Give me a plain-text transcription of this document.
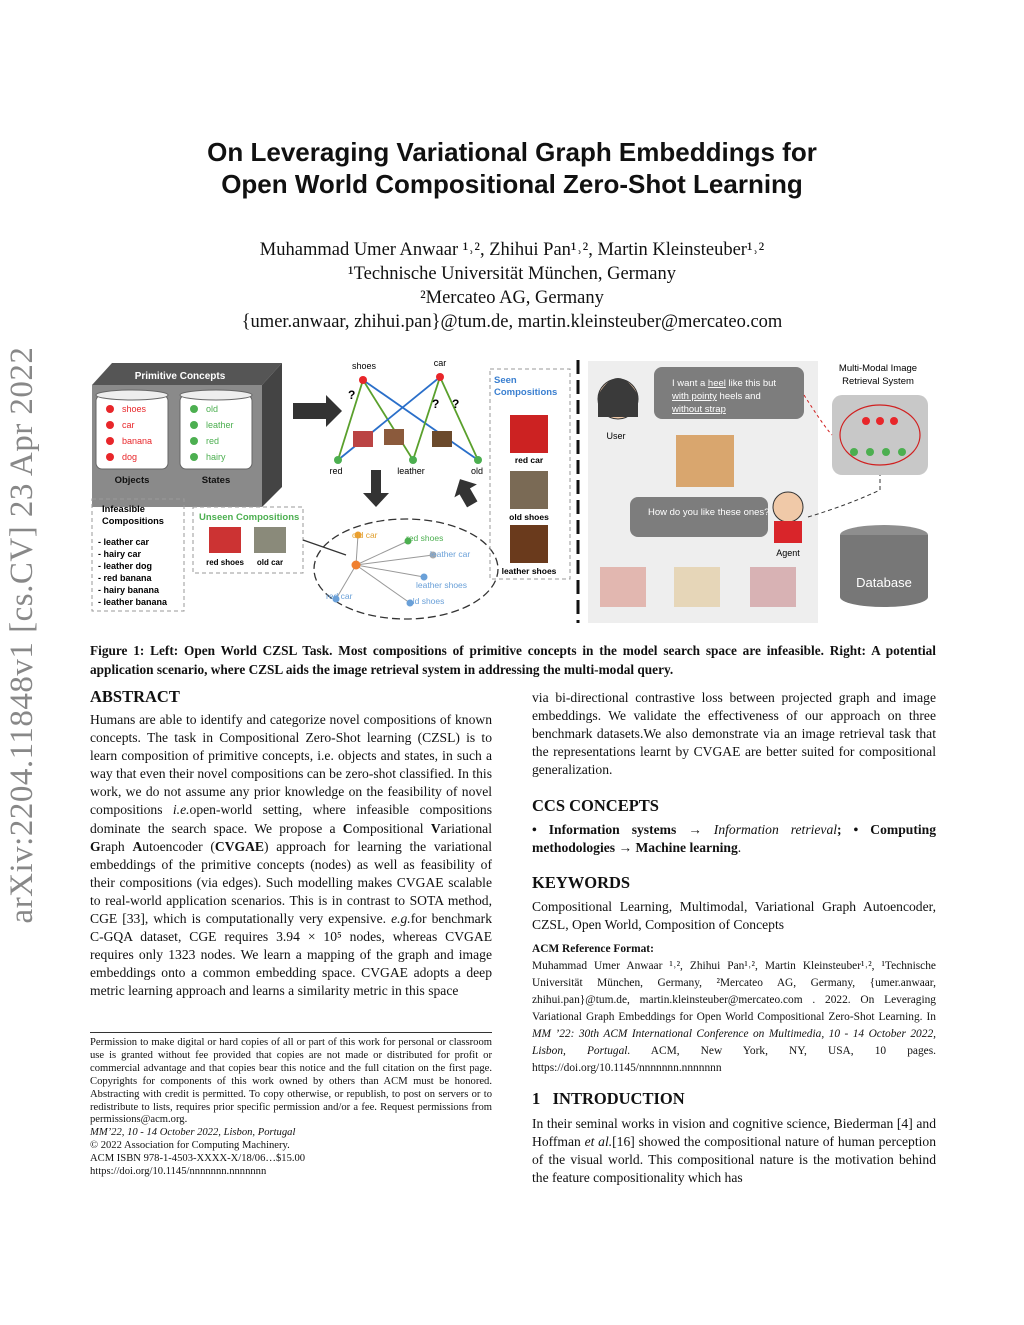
arXiv:2204.11848v1 [cs.CV] 23 Apr 2022
On Leveraging Variational Graph Embeddings for
Open World Compositional Zero-Shot Learning
Muhammad Umer Anwaar ¹˒², Zhihui Pan¹˒², Martin Kleinsteuber¹˒²
¹Technische Universität München, Germany
²Mercateo AG, Germany
{umer.anwaar, zhihui.pan}@tum.de, martin.kleinsteuber@mercateo.com
Primitive Concepts
shoes
car
banana
dog
old
leather
red
hairy
Objects	States
shoes	car
red	leather	old
?
? ?
Infeasible Compositions
- leather car
- hairy car
- leather dog
- red banana
- hairy banana
- leather banana
Unseen Compositions
red shoes old car
old car	red shoes
leather car
leather shoes
red car	old shoes
Seen Compositions
red car
old shoes
leather shoes
User
I want a heel like this but with pointy heels and without strap
How do you like these ones?
Agent
Multi-Modal Image
Retrieval System
Database
Figure 1: Left: Open World CZSL Task. Most compositions of primitive concepts in the model search space are infeasible. Right: A potential application scenario, where CZSL aids the image retrieval system in addressing the multi-modal query.
ABSTRACT

Humans are able to identify and categorize novel compositions of known concepts. The task in Compositional Zero-Shot learning (CZSL) is to learn composition of primitive concepts, i.e. objects and states, in such a way that even their novel compositions can be zero-shot classified. In this work, we do not assume any prior knowledge on the feasibility of novel compositions i.e.open-world setting, where infeasible compositions dominate the search space. We propose a Compositional Variational Graph Autoencoder (CVGAE) approach for learning the variational embeddings of the primitive concepts (nodes) as well as feasibility of their compositions (via edges). Such modelling makes CVGAE scalable to real-world application scenarios. This is in contrast to SOTA method, CGE [33], which is computationally very expensive. e.g.for benchmark C-GQA dataset, CGE requires 3.94 × 10⁵ nodes, whereas CVGAE requires only 1323 nodes. We learn a mapping of the graph and image embeddings onto a common embedding space. CVGAE adopts a deep metric learning approach and learns a similarity metric in this space

Permission to make digital or hard copies of all or part of this work for personal or classroom use is granted without fee provided that copies are not made or distributed for profit or commercial advantage and that copies bear this notice and the full citation on the first page. Copyrights for components of this work owned by others than ACM must be honored. Abstracting with credit is permitted. To copy otherwise, or republish, to post on servers or to redistribute to lists, requires prior specific permission and/or a fee. Request permissions from permissions@acm.org.
MM’22, 10 - 14 October 2022, Lisbon, Portugal
© 2022 Association for Computing Machinery.
ACM ISBN 978-1-4503-XXXX-X/18/06…$15.00
https://doi.org/10.1145/nnnnnnn.nnnnnnn
via bi-directional contrastive loss between projected graph and image embeddings. We validate the effectiveness of our approach on three benchmark datasets.We also demonstrate via an image retrieval task that the representations learnt by CVGAE are better suited for compositional generalization.
CCS CONCEPTS
• Information systems → Information retrieval; • Computing methodologies → Machine learning.
KEYWORDS
Compositional Learning, Multimodal, Variational Graph Autoencoder, CZSL, Open World, Composition of Concepts
ACM Reference Format:
Muhammad Umer Anwaar ¹˒², Zhihui Pan¹˒², Martin Kleinsteuber¹˒², ¹Technische Universität München, Germany, ²Mercateo AG, Germany, {umer.anwaar, zhihui.pan}@tum.de, martin.kleinsteuber@mercateo.com . 2022. On Leveraging Variational Graph Embeddings for Open World Compositional Zero-Shot Learning. In MM ’22: 30th ACM International Conference on Multimedia, 10 - 14 October 2022, Lisbon, Portugal. ACM, New York, NY, USA, 10 pages. https://doi.org/10.1145/nnnnnnn.nnnnnnn
1 INTRODUCTION
In their seminal works in vision and cognitive science, Biederman [4] and Hoffman et al.[16] showed the compositional nature of human perception of the visual world. This compositional nature is the motivation behind the feature compositionality which has
